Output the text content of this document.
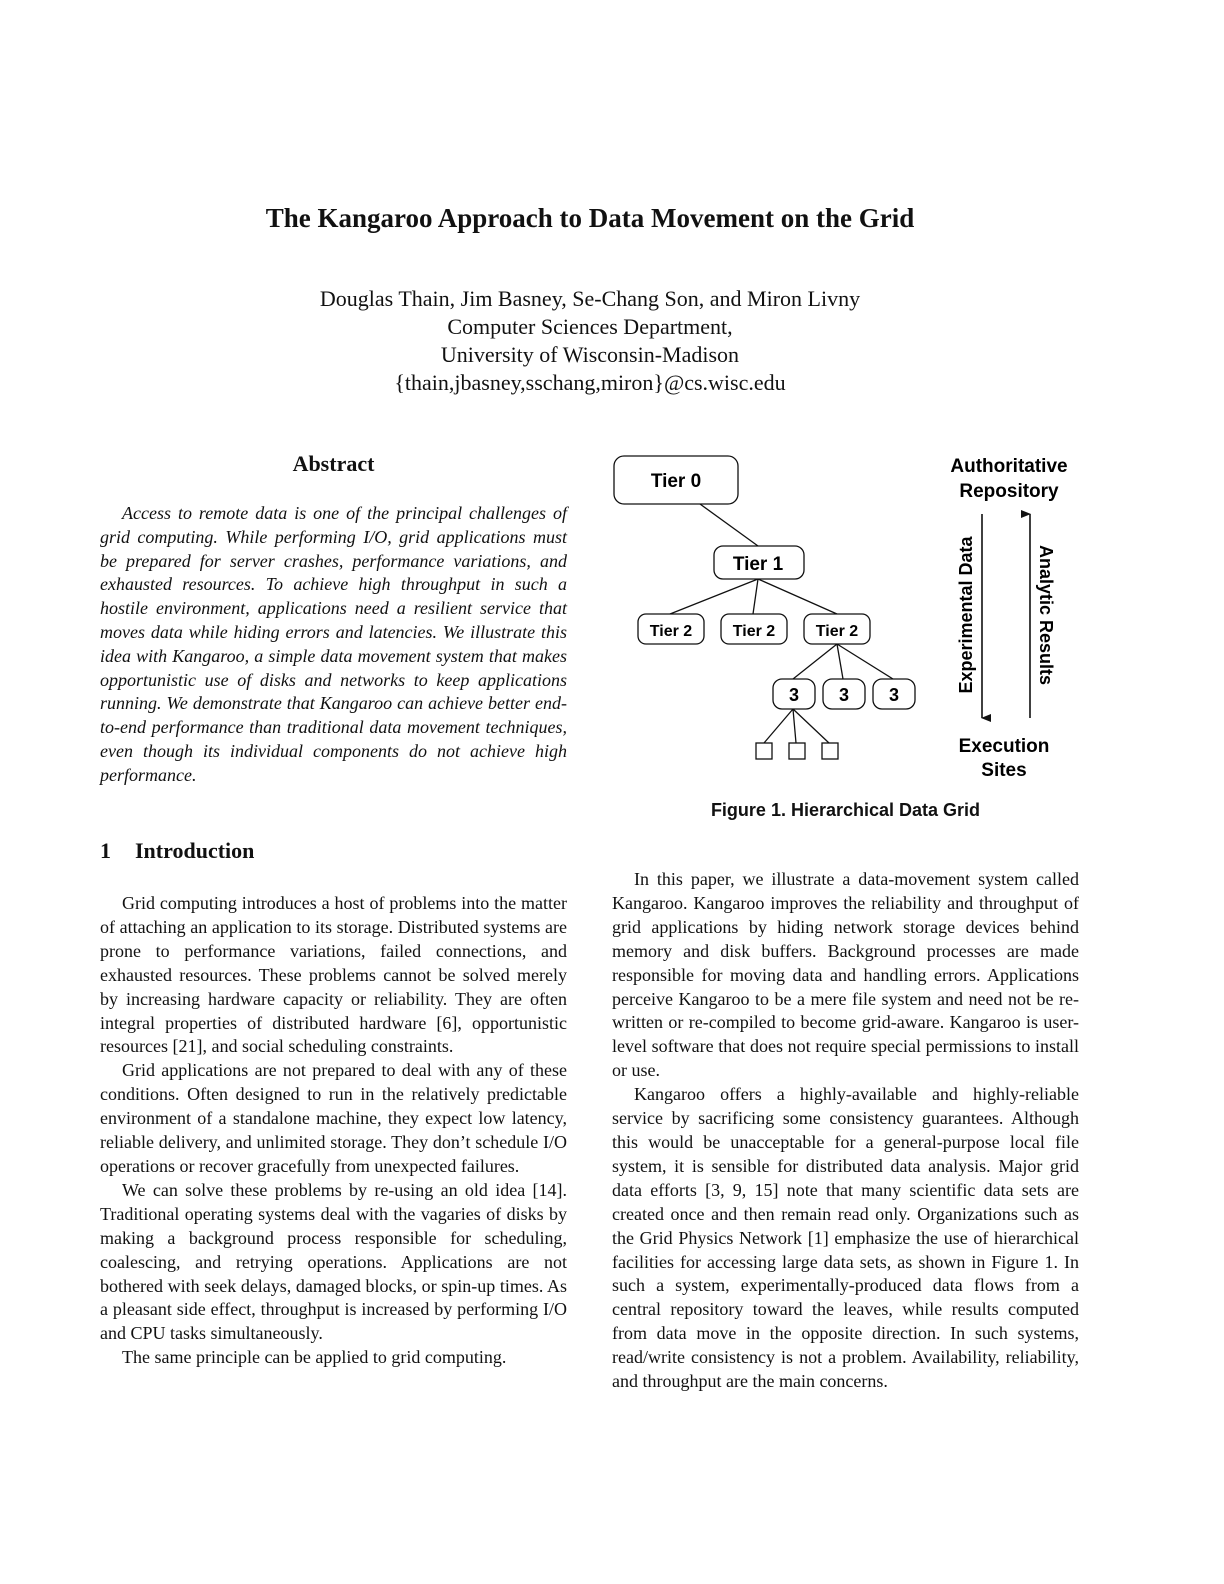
The Kangaroo Approach to Data Movement on the Grid
Douglas Thain, Jim Basney, Se-Chang Son, and Miron Livny
Computer Sciences Department,
University of Wisconsin-Madison
{thain,jbasney,sschang,miron}@cs.wisc.edu
Abstract

Access to remote data is one of the principal challenges of grid computing. While performing I/O, grid applications must be prepared for server crashes, performance variations, and exhausted resources. To achieve high throughput in such a hostile environment, applications need a resilient service that moves data while hiding errors and latencies. We illustrate this idea with Kangaroo, a simple data movement system that makes opportunistic use of disks and networks to keep applications running. We demonstrate that Kangaroo can achieve better end-to-end performance than traditional data movement techniques, even though its individual components do not achieve high performance.

1 Introduction

Grid computing introduces a host of problems into the matter of attaching an application to its storage. Distributed systems are prone to performance variations, failed connections, and exhausted resources. These problems cannot be solved merely by increasing hardware capacity or reliability. They are often integral properties of distributed hardware [6], opportunistic resources [21], and social scheduling constraints.

Grid applications are not prepared to deal with any of these conditions. Often designed to run in the relatively predictable environment of a standalone machine, they expect low latency, reliable delivery, and unlimited storage. They don’t schedule I/O operations or recover gracefully from unexpected failures.

We can solve these problems by re-using an old idea [14]. Traditional operating systems deal with the vagaries of disks by making a background process responsible for scheduling, coalescing, and retrying operations. Applications are not bothered with seek delays, damaged blocks, or spin-up times. As a pleasant side effect, throughput is increased by performing I/O and CPU tasks simultaneously.

The same principle can be applied to grid computing.

Tier 0
Tier 1
Tier 2	Tier 2	Tier 2
3 3 3
Authoritative
Repository
Execution
Sites
Experimental Data	Analytic Results

Figure 1. Hierarchical Data Grid

In this paper, we illustrate a data-movement system called Kangaroo. Kangaroo improves the reliability and throughput of grid applications by hiding network storage devices behind memory and disk buffers. Background processes are made responsible for moving data and handling errors. Applications perceive Kangaroo to be a mere file system and need not be re-written or re-compiled to become grid-aware. Kangaroo is user-level software that does not require special permissions to install or use.

Kangaroo offers a highly-available and highly-reliable service by sacrificing some consistency guarantees. Although this would be unacceptable for a general-purpose local file system, it is sensible for distributed data analysis. Major grid data efforts [3, 9, 15] note that many scientific data sets are created once and then remain read only. Organizations such as the Grid Physics Network [1] emphasize the use of hierarchical facilities for accessing large data sets, as shown in Figure 1. In such a system, experimentally-produced data flows from a central repository toward the leaves, while results computed from data move in the opposite direction. In such systems, read/write consistency is not a problem. Availability, reliability, and throughput are the main concerns.
